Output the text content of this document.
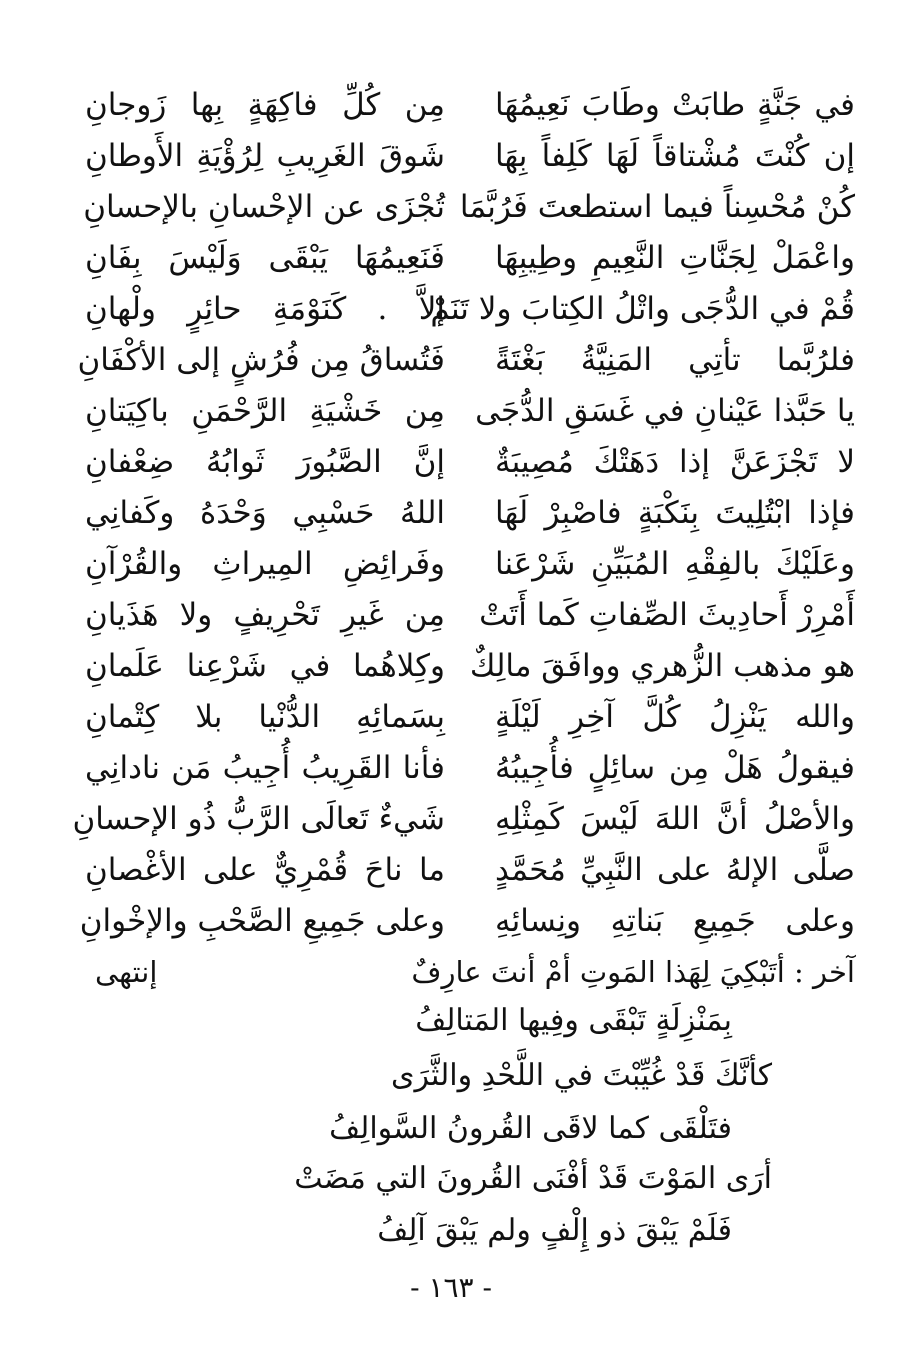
في جَنَّةٍ طابَتْ وطَابَ نَعِيمُهَا
مِن كُلِّ فاكِهَةٍ بِها زَوجانِ
إن كُنْتَ مُشْتاقاً لَهَا كَلِفاً بِهَا
شَوقَ الغَرِيبِ لِرُؤْيَةِ الأَوطانِ
كُنْ مُحْسِناً فيما استطعتَ فَرُبَّمَا
تُجْزَى عن الإحْسانِ بالإحسانِ
واعْمَلْ لِجَنَّاتِ النَّعِيمِ وطِيبِهَا
فَنَعِيمُهَا يَبْقَى وَلَيْسَ بِفَانِ
قُمْ في الدُّجَى واتْلُ الكِتابَ ولا تَنَمْ
إلاَّ . كَنَوْمَةِ حائِرٍ ولْهانِ
فلرُبَّما تأتِي المَنِيَّةُ بَغْتَةً
فَتُساقُ مِن فُرُشٍ إلى الأكْفَانِ
يا حَبَّذا عَيْنانِ في غَسَقِ الدُّجَى
مِن خَشْيَةِ الرَّحْمَنِ باكِيَتانِ
لا تَجْزَعَنَّ إذا دَهَتْكَ مُصِيبَةٌ
إنَّ الصَّبُورَ ثَوابُهُ ضِعْفانِ
فإذا ابْتُلِيتَ بِنَكْبَةٍ فاصْبِرْ لَهَا
اللهُ حَسْبِي وَحْدَهُ وكَفانِي
وعَلَيْكَ بالفِقْهِ المُبَيِّنِ شَرْعَنا
وفَرائِضِ المِيراثِ والقُرْآنِ
أَمْرِرْ أَحادِيثَ الصِّفاتِ كَما أَتَتْ
مِن غَيرِ تَحْرِيفٍ ولا هَذَيانِ
هو مذهب الزُّهري ووافَقَ مالِكٌ
وكِلاهُما في شَرْعِنا عَلَمانِ
والله يَنْزِلُ كُلَّ آخِرِ لَيْلَةٍ
بِسَمائِهِ الدُّنْيا بلا كِتْمانِ
فيقولُ هَلْ مِن سائِلٍ فأُجِيبُهُ
فأنا القَرِيبُ أُجِيبُ مَن نادانِي
والأصْلُ أنَّ اللهَ لَيْسَ كَمِثْلِهِ
شَيءٌ تَعالَى الرَّبُّ ذُو الإحسانِ
صلَّى الإلهُ على النَّبِيِّ مُحَمَّدٍ
ما ناحَ قُمْرِيٌّ على الأغْصانِ
وعلى جَمِيعِ بَناتِهِ ونِسائِهِ
وعلى جَمِيعِ الصَّحْبِ والإخْوانِ
آخر : أتَبْكِيَ لِهَذا المَوتِ أمْ أنتَ عارِفٌ
إنتهى
بِمَنْزِلَةٍ تَبْقَى وفِيها المَتالِفُ
كأنَّكَ قَدْ غُيِّبْتَ في اللَّحْدِ والثَّرَى
فتَلْقَى كما لاقَى القُرونُ السَّوالِفُ
أرَى المَوْتَ قَدْ أفْنَى القُرونَ التي مَضَتْ
فَلَمْ يَبْقَ ذو إِلْفٍ ولم يَبْقَ آلِفُ
- ١٦٣ -
